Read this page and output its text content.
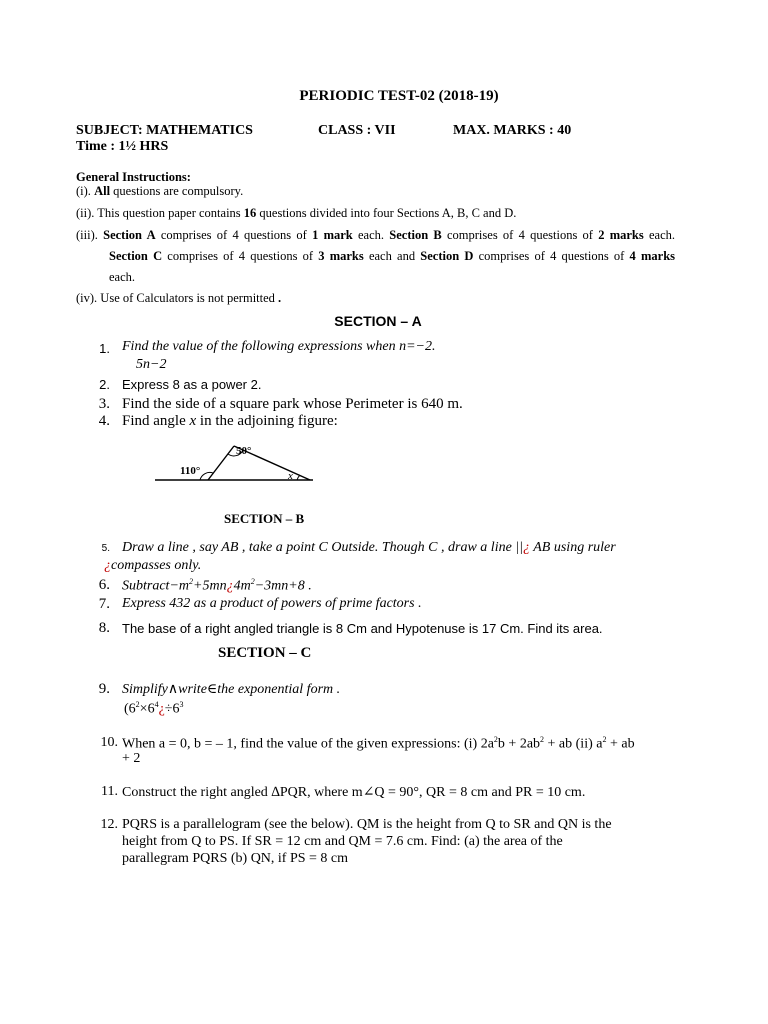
PERIODIC TEST-02 (2018-19)
SUBJECT: MATHEMATICS	CLASS : VII	MAX. MARKS : 40
Time : 1½ HRS
General Instructions:
(i). All questions are compulsory.
(ii). This question paper contains 16 questions divided into four Sections A, B, C and D.
(iii). Section A comprises of 4 questions of 1 mark each. Section B comprises of 4 questions of 2 marks each.
Section C comprises of 4 questions of 3 marks each and Section D comprises of 4 questions of 4 marks
each.
(iv). Use of Calculators is not permitted .
SECTION – A
1. Find the value of the following expressions when n=−2.
5n−2
2. Express 8 as a power 2.
3. Find the side of a square park whose Perimeter is 640 m.
4. Find angle x in the adjoining figure:
50°
110°	x
SECTION – B
5. Draw a line , say AB , take a point C Outside. Though C , draw a line ||¿ AB using ruler
¿compasses only.
6. $Subtract-m^2+5mn¿4m^2-3mn+8$ .
7. Express 432 as a product of powers of prime factors .
8. The base of a right angled triangle is 8 Cm and Hypotenuse is 17 Cm. Find its area.
SECTION – C
9. Simplify∧write∈the exponential form .
($6^2\times 6^4¿\div 6^3$
10. When a = 0, b = – 1, find the value of the given expressions: (i) $2a^2b + 2ab^2$ + ab (ii) $a^2$ + ab
+ 2
11. Construct the right angled ∆PQR, where m∠Q = 90°, QR = 8 cm and PR = 10 cm.
12. PQRS is a parallelogram (see the below). QM is the height from Q to SR and QN is the
height from Q to PS. If SR = 12 cm and QM = 7.6 cm. Find: (a) the area of the
parallegram PQRS (b) QN, if PS = 8 cm
